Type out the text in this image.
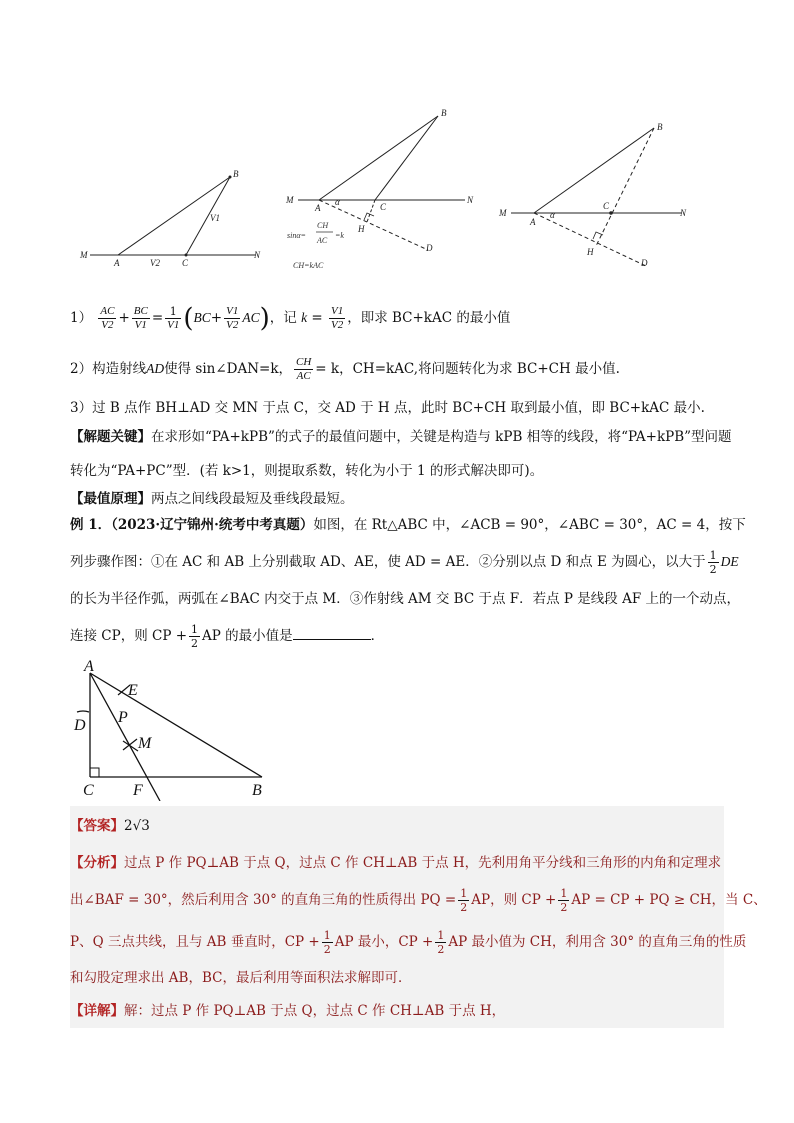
B
M
A	C
N
V1
V2
B
M
A	C
N
H
D
α
sinα=
CH
AC
=k
CH=kAC
B
M
A
C
N
H
D
α
$1) \frac{AC}{V2} + \frac{BC}{V1} = \frac{1}{V1} (BC+ \frac{V1}{V2} AC)$，记 $k = \frac{V1}{V2}$ ，即求 BC+kAC 的最小值
2）构造射线AD使得 sin∠DAN=k， $\frac{CH}{AC} = k$，CH=kAC,将问题转化为求 BC+CH 最小值.
3）过 B 点作 BH⊥AD 交 MN 于点 C，交 AD 于 H 点，此时 BC+CH 取到最小值，即 BC+kAC 最小.
【解题关键】在求形如“PA+kPB”的式子的最值问题中，关键是构造与 kPB 相等的线段，将“PA+kPB”型问题
转化为“PA+PC”型．(若 k>1，则提取系数，转化为小于 1 的形式解决即可)。
【最值原理】两点之间线段最短及垂线段最短。
例 1．（2023·辽宁锦州·统考中考真题）如图，在 Rt△ABC 中，∠ACB = 90°，∠ABC = 30°，AC = 4，按下
列步骤作图：①在 AC 和 AB 上分别截取 AD、AE，使 AD = AE．②分别以点 D 和点 E 为圆心，以大于 $\frac{1}{2}$ DE
的长为半径作弧，两弧在∠BAC 内交于点 M．③作射线 AM 交 BC 于点 F．若点 P 是线段 AF 上的一个动点，
连接 CP，则 CP + $\frac{1}{2}$ AP 的最小值是	．
A
E
D P
M
C F	B
【答案】2√3
【分析】过点 P 作 PQ⊥AB 于点 Q，过点 C 作 CH⊥AB 于点 H，先利用角平分线和三角形的内角和定理求
出∠BAF = 30°，然后利用含 30° 的直角三角的性质得出 PQ = $\frac{1}{2}$ AP，则 CP + $\frac{1}{2}$ AP = CP + PQ ≥ CH，当 C、
P、Q 三点共线，且与 AB 垂直时，CP + $\frac{1}{2}$ AP 最小，CP + $\frac{1}{2}$ AP 最小值为 CH，利用含 30° 的直角三角的性质
和勾股定理求出 AB，BC，最后利用等面积法求解即可．
【详解】解：过点 P 作 PQ⊥AB 于点 Q，过点 C 作 CH⊥AB 于点 H，
